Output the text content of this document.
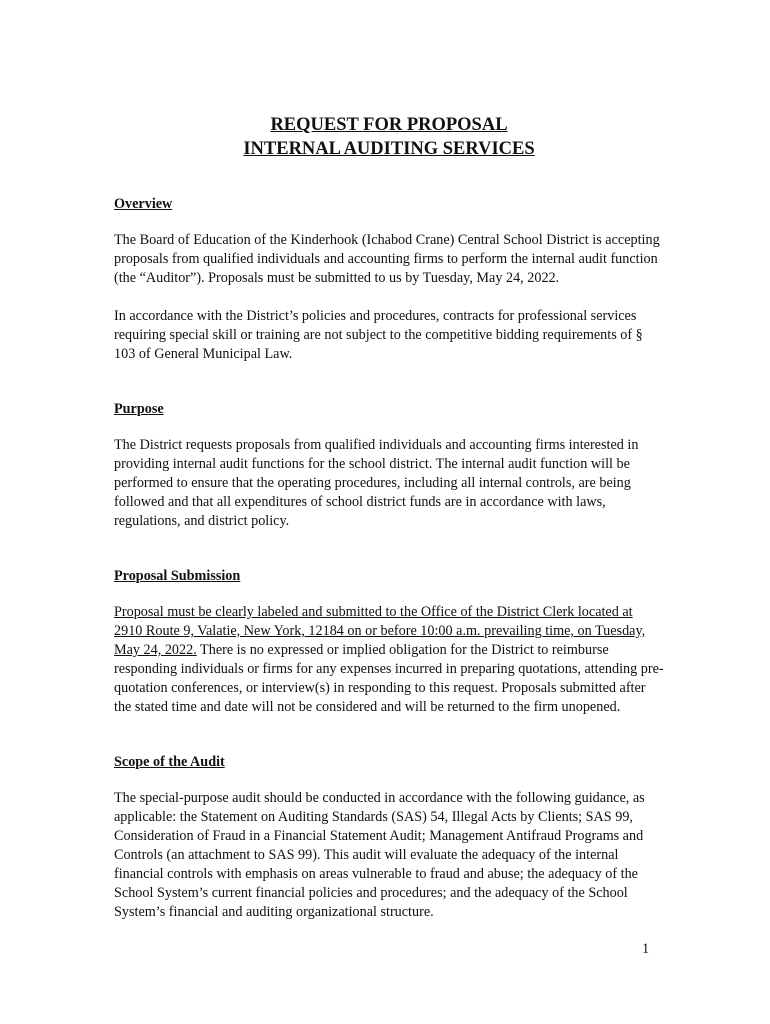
REQUEST FOR PROPOSAL
INTERNAL AUDITING SERVICES
Overview

The Board of Education of the Kinderhook (Ichabod Crane) Central School District is accepting proposals from qualified individuals and accounting firms to perform the internal audit function (the “Auditor”). Proposals must be submitted to us by Tuesday, May 24, 2022.

In accordance with the District’s policies and procedures, contracts for professional services requiring special skill or training are not subject to the competitive bidding requirements of § 103 of General Municipal Law.

Purpose

The District requests proposals from qualified individuals and accounting firms interested in providing internal audit functions for the school district. The internal audit function will be performed to ensure that the operating procedures, including all internal controls, are being followed and that all expenditures of school district funds are in accordance with laws, regulations, and district policy.

Proposal Submission

Proposal must be clearly labeled and submitted to the Office of the District Clerk located at 2910 Route 9, Valatie, New York, 12184 on or before 10:00 a.m. prevailing time, on Tuesday, May 24, 2022. There is no expressed or implied obligation for the District to reimburse responding individuals or firms for any expenses incurred in preparing quotations, attending pre-quotation conferences, or interview(s) in responding to this request. Proposals submitted after the stated time and date will not be considered and will be returned to the firm unopened.

Scope of the Audit

The special-purpose audit should be conducted in accordance with the following guidance, as applicable: the Statement on Auditing Standards (SAS) 54, Illegal Acts by Clients; SAS 99, Consideration of Fraud in a Financial Statement Audit; Management Antifraud Programs and Controls (an attachment to SAS 99). This audit will evaluate the adequacy of the internal financial controls with emphasis on areas vulnerable to fraud and abuse; the adequacy of the School System’s current financial policies and procedures; and the adequacy of the School System’s financial and auditing organizational structure.

1
